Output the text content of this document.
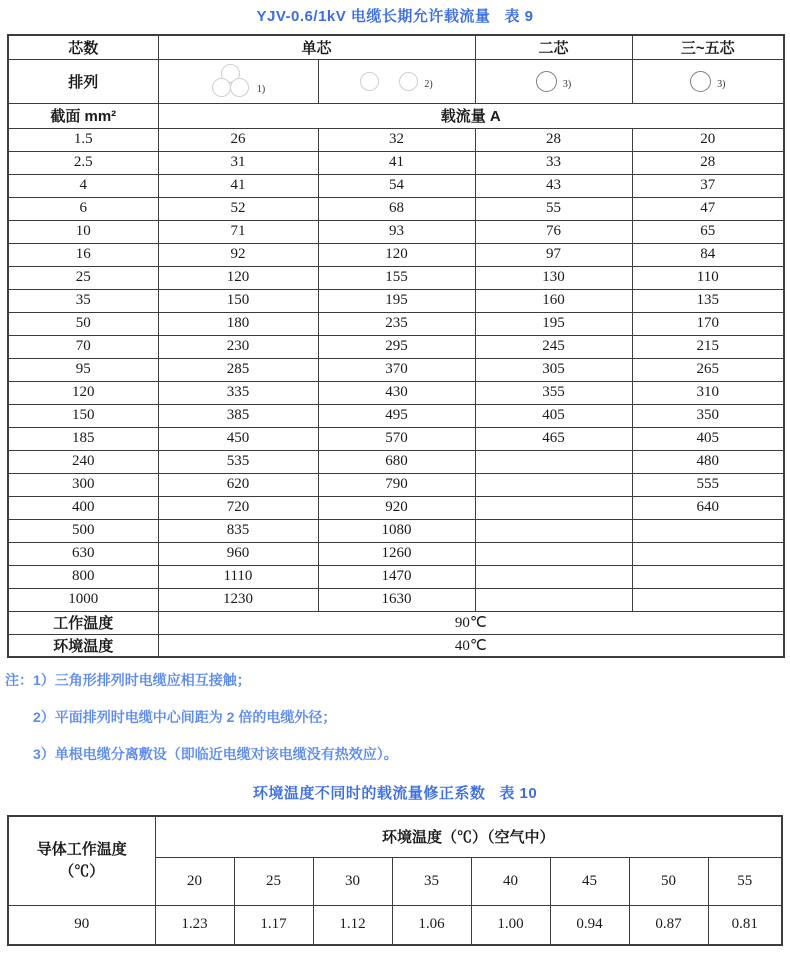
YJV-0.6/1kV 电缆长期允许载流量 表 9
芯数	单芯		二芯	三~五芯
排列	1)	2)	3)	3)

截面 mm²	载流量 A			
1.5	26	32	28	20
2.5	31	41	33	28
4	41	54	43	37
6	52	68	55	47
10	71	93	76	65
16	92	120	97	84
25	120	155	130	110
35	150	195	160	135
50	180	235	195	170
70	230	295	245	215
95	285	370	305	265
120	335	430	355	310
150	385	495	405	350
185	450	570	465	405
240	535	680		480
300	620	790		555
400	720	920		640
500	835	1080		
630	960	1260		
800	1110	1470		
1000	1230	1630		
工作温度	90℃			
环境温度	40℃			
注：1）三角形排列时电缆应相互接触；
2）平面排列时电缆中心间距为 2 倍的电缆外径；
3）单根电缆分离敷设（即临近电缆对该电缆没有热效应）。
环境温度不同时的载流量修正系数 表 10
导体工作温度
（℃）	环境温度（℃）（空气中）							
	20	25	30	35	40	45	50	55
90	1.23	1.17	1.12	1.06	1.00	0.94	0.87	0.81
